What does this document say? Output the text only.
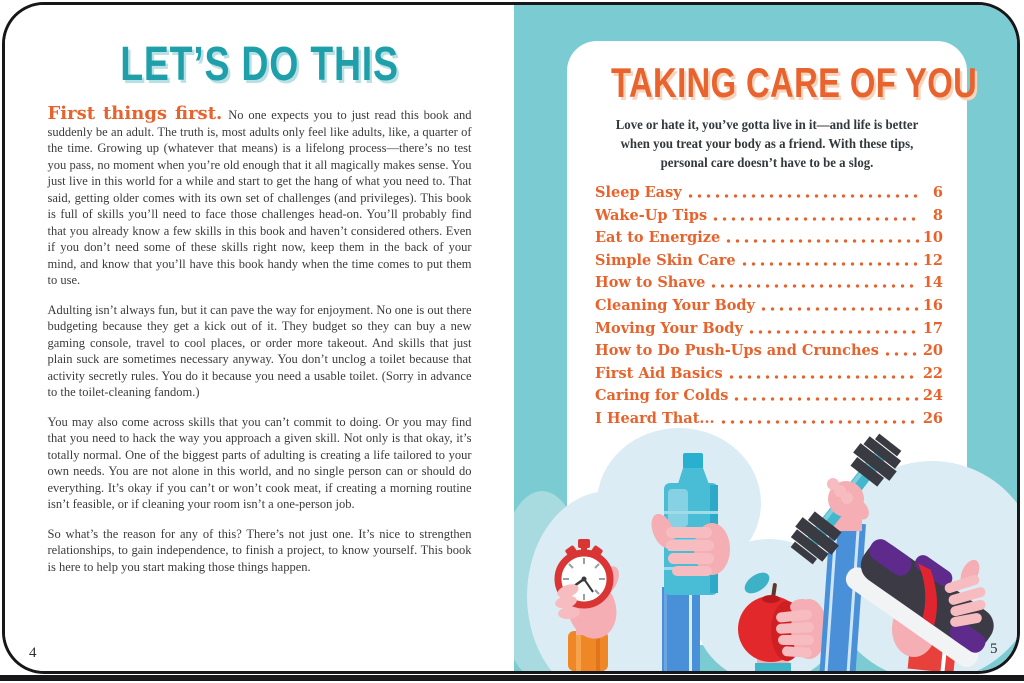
LET’S DO THIS

First things first. No one expects you to just read this book and suddenly be an adult. The truth is, most adults only feel like adults, like, a quarter of the time. Growing up (whatever that means) is a lifelong process—there’s no test you pass, no moment when you’re old enough that it all magically makes sense. You just live in this world for a while and start to get the hang of what you need to. That said, getting older comes with its own set of challenges (and privileges). This book is full of skills you’ll need to face those challenges head-on. You’ll probably find that you already know a few skills in this book and haven’t considered others. Even if you don’t need some of these skills right now, keep them in the back of your mind, and know that you’ll have this book handy when the time comes to put them to use.

Adulting isn’t always fun, but it can pave the way for enjoyment. No one is out there budgeting because they get a kick out of it. They budget so they can buy a new gaming console, travel to cool places, or order more takeout. And skills that just plain suck are sometimes necessary anyway. You don’t unclog a toilet because that activity secretly rules. You do it because you need a usable toilet. (Sorry in advance to the toilet-cleaning fandom.)

You may also come across skills that you can’t commit to doing. Or you may find that you need to hack the way you approach a given skill. Not only is that okay, it’s totally normal. One of the biggest parts of adulting is creating a life tailored to your own needs. You are not alone in this world, and no single person can or should do everything. It’s okay if you can’t or won’t cook meat, if creating a morning routine isn’t feasible, or if cleaning your room isn’t a one-person job.

So what’s the reason for any of this? There’s not just one. It’s nice to strengthen relationships, to gain independence, to finish a project, to know yourself. This book is here to help you start making those things happen.

4
TAKING CARE OF YOU
Love or hate it, you’ve gotta live in it—and life is better
when you treat your body as a friend. With these tips,
personal care doesn’t have to be a slog.
Sleep Easy	6
Wake-Up Tips	8
Eat to Energize	10
Simple Skin Care	12
How to Shave	14
Cleaning Your Body	16
Moving Your Body	17
How to Do Push-Ups and Crunches	20
First Aid Basics	22
Caring for Colds	24
I Heard That...	26
5
